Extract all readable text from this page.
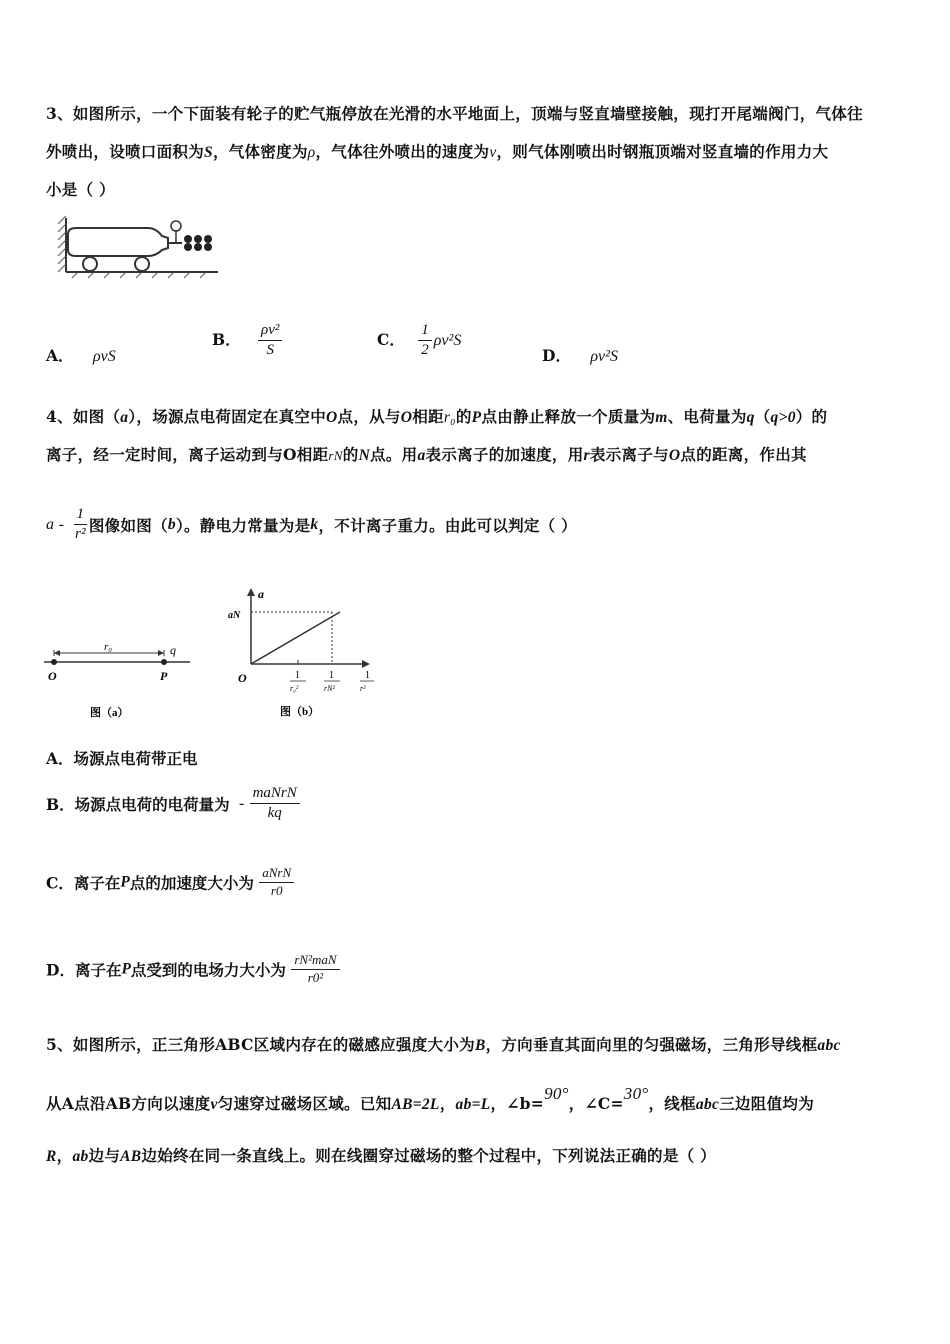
3、如图所示，一个下面装有轮子的贮气瓶停放在光滑的水平地面上，顶端与竖直墙壁接触，现打开尾端阀门，气体往
外喷出，设喷口面积为S，气体密度为ρ，气体往外喷出的速度为v，则气体刚喷出时钢瓶顶端对竖直墙的作用力大
小是（ ）
A． ρvS
B． $\frac{\text{ρv²}}{S}$	C． $\frac{1}{2} \rho v^2S$
D． ρv²S
4、如图（a），场源点电荷固定在真空中O点，从与O相距r₀的P点由静止释放一个质量为m、电荷量为q（q>0）的
离子，经一定时间，离子运动到与O相距rN的N点。用a表示离子的加速度，用r表示离子与O点的距离，作出其
a - $\frac{1}{\text{r²}}$ 图像如图（b）。静电力常量为是k，不计离子重力。由此可以判定（ ）
r₀	q
O	P
图（a）
a
aN
O	1
r₀²
1
rN²
1
r²
图（b）
A．场源点电荷带正电
B．场源点电荷的电荷量为 - $\frac{\text{maNrN}}{kq}$
C．离子在P点的加速度大小为 $\frac{\text{aNrN}}{r0}$
D．离子在P点受到的电场力大小为 $\frac{\text{rN²maN}}{\text{r0²}}$
5、如图所示，正三角形ABC区域内存在的磁感应强度大小为B，方向垂直其面向里的匀强磁场，三角形导线框abc
从A点沿AB方向以速度v匀速穿过磁场区域。已知AB=2L，ab=L，∠b=90°，∠C=30°，线框abc三边阻值均为
R，ab边与AB边始终在同一条直线上。则在线圈穿过磁场的整个过程中，下列说法正确的是（ ）
